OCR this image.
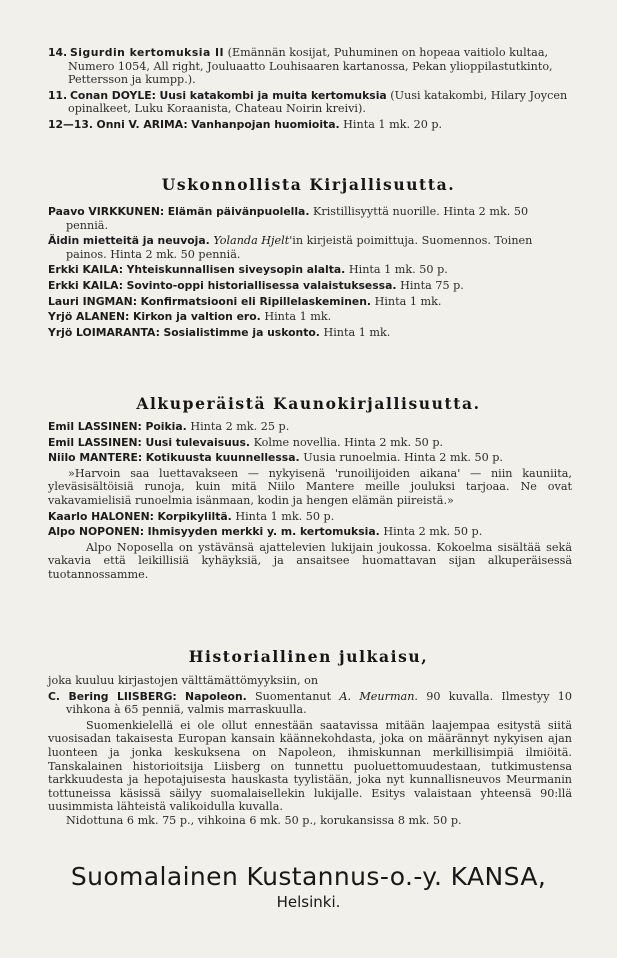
14. Sigurdin kertomuksia II (Emännän kosijat, Puhuminen on hopeaa vaitiolo kultaa, Numero 1054, All right, Jouluaatto Louhisaaren kartanossa, Pekan ylioppilastutkinto, Pettersson ja kumpp.).
11. Conan DOYLE: Uusi katakombi ja muita kertomuksia (Uusi katakombi, Hilary Joycen opinalkeet, Luku Koraanista, Chateau Noirin kreivi).
12—13. Onni V. ARIMA: Vanhanpojan huomioita. Hinta 1 mk. 20 p.
Uskonnollista Kirjallisuutta.
Paavo VIRKKUNEN: Elämän päivänpuolella. Kristillisyyttä nuorille. Hinta 2 mk. 50 penniä.
Äidin mietteitä ja neuvoja. Yolanda Hjelt'in kirjeistä poimittuja. Suomennos. Toinen painos. Hinta 2 mk. 50 penniä.
Erkki KAILA: Yhteiskunnallisen siveysopin alalta. Hinta 1 mk. 50 p.
Erkki KAILA: Sovinto-oppi historiallisessa valaistuksessa. Hinta 75 p.
Lauri INGMAN: Konfirmatsiooni eli Ripillelaskeminen. Hinta 1 mk.
Yrjö ALANEN: Kirkon ja valtion ero. Hinta 1 mk.
Yrjö LOIMARANTA: Sosialistimme ja uskonto. Hinta 1 mk.
Alkuperäistä Kaunokirjallisuutta.
Emil LASSINEN: Poikia. Hinta 2 mk. 25 p.
Emil LASSINEN: Uusi tulevaisuus. Kolme novellia. Hinta 2 mk. 50 p.
Niilo MANTERE: Kotikuusta kuunnellessa. Uusia runoelmia. Hinta 2 mk. 50 p.
»Harvoin saa luettavakseen — nykyisenä 'runoilijoiden aikana' — niin kauniita, yleväsisältöisiä runoja, kuin mitä Niilo Mantere meille jouluksi tarjoaa. Ne ovat vakavamielisiä runoelmia isänmaan, kodin ja hengen elämän piireistä.»
Kaarlo HALONEN: Korpikyliltä. Hinta 1 mk. 50 p.
Alpo NOPONEN: Ihmisyyden merkki y. m. kertomuksia. Hinta 2 mk. 50 p.
Alpo Noposella on ystävänsä ajattelevien lukijain joukossa. Kokoelma sisältää sekä vakavia että leikillisiä kyhäyksiä, ja ansaitsee huomattavan sijan alkuperäisessä tuotannossamme.
Historiallinen julkaisu,
joka kuuluu kirjastojen välttämättömyyksiin, on
C. Bering LIISBERG: Napoleon. Suomentanut A. Meurman. 90 kuvalla. Ilmestyy 10 vihkona à 65 penniä, valmis marraskuulla.
Suomenkielellä ei ole ollut ennestään saatavissa mitään laajempaa esitystä siitä vuosisadan takaisesta Europan kansain käännekohdasta, joka on määrännyt nykyisen ajan luonteen ja jonka keskuksena on Napoleon, ihmiskunnan merkillisimpiä ilmiöitä. Tanskalainen historioitsija Liisberg on tunnettu puoluettomuudestaan, tutkimustensa tarkkuudesta ja hepotajuisesta hauskasta tyylistään, joka nyt kunnallisneuvos Meurmanin tottuneissa käsissä säilyy suomalaisellekin lukijalle. Esitys valaistaan yhteensä 90:llä uusimmista lähteistä valikoidulla kuvalla.
Nidottuna 6 mk. 75 p., vihkoina 6 mk. 50 p., korukansissa 8 mk. 50 p.
Suomalainen Kustannus-o.-y. KANSA,
Helsinki.
